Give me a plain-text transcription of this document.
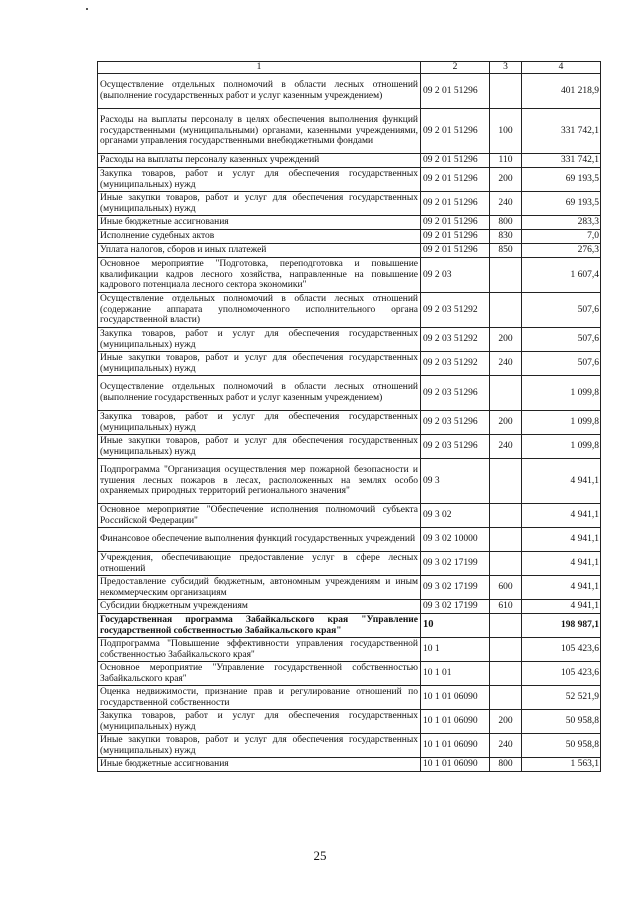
1	2	3	4
Осуществление отдельных полномочий в области лесных отношений (выполнение государственных работ и услуг казенным учреждением)	09 2 01 51296		401 218,9
Расходы на выплаты персоналу в целях обеспечения выполнения функций государственными (муниципальными) органами, казенными учреждениями, органами управления государственными внебюджетными фондами	09 2 01 51296	100	331 742,1
Расходы на выплаты персоналу казенных учреждений	09 2 01 51296	110	331 742,1
Закупка товаров, работ и услуг для обеспечения государственных (муниципальных) нужд	09 2 01 51296	200	69 193,5
Иные закупки товаров, работ и услуг для обеспечения государственных (муниципальных) нужд	09 2 01 51296	240	69 193,5
Иные бюджетные ассигнования	09 2 01 51296	800	283,3
Исполнение судебных актов	09 2 01 51296	830	7,0
Уплата налогов, сборов и иных платежей	09 2 01 51296	850	276,3
Основное мероприятие "Подготовка, переподготовка и повышение квалификации кадров лесного хозяйства, направленные на повышение кадрового потенциала лесного сектора экономики"	09 2 03		1 607,4
Осуществление отдельных полномочий в области лесных отношений (содержание аппарата уполномоченного исполнительного органа государственной власти)	09 2 03 51292		507,6
Закупка товаров, работ и услуг для обеспечения государственных (муниципальных) нужд	09 2 03 51292	200	507,6
Иные закупки товаров, работ и услуг для обеспечения государственных (муниципальных) нужд	09 2 03 51292	240	507,6
Осуществление отдельных полномочий в области лесных отношений (выполнение государственных работ и услуг казенным учреждением)	09 2 03 51296		1 099,8
Закупка товаров, работ и услуг для обеспечения государственных (муниципальных) нужд	09 2 03 51296	200	1 099,8
Иные закупки товаров, работ и услуг для обеспечения государственных (муниципальных) нужд	09 2 03 51296	240	1 099,8
Подпрограмма "Организация осуществления мер пожарной безопасности и тушения лесных пожаров в лесах, расположенных на землях особо охраняемых природных территорий регионального значения"	09 3		4 941,1
Основное мероприятие "Обеспечение исполнения полномочий субъекта Российской Федерации"	09 3 02		4 941,1
Финансовое обеспечение выполнения функций государственных учреждений	09 3 02 10000		4 941,1
Учреждения, обеспечивающие предоставление услуг в сфере лесных отношений	09 3 02 17199		4 941,1
Предоставление субсидий бюджетным, автономным учреждениям и иным некоммерческим организациям	09 3 02 17199	600	4 941,1
Субсидии бюджетным учреждениям	09 3 02 17199	610	4 941,1
Государственная программа Забайкальского края "Управление государственной собственностью Забайкальского края"	10		198 987,1
Подпрограмма "Повышение эффективности управления государственной собственностью Забайкальского края"	10 1		105 423,6
Основное мероприятие "Управление государственной собственностью Забайкальского края"	10 1 01		105 423,6
Оценка недвижимости, признание прав и регулирование отношений по государственной собственности	10 1 01 06090		52 521,9
Закупка товаров, работ и услуг для обеспечения государственных (муниципальных) нужд	10 1 01 06090	200	50 958,8
Иные закупки товаров, работ и услуг для обеспечения государственных (муниципальных) нужд	10 1 01 06090	240	50 958,8
Иные бюджетные ассигнования	10 1 01 06090	800	1 563,1
25
